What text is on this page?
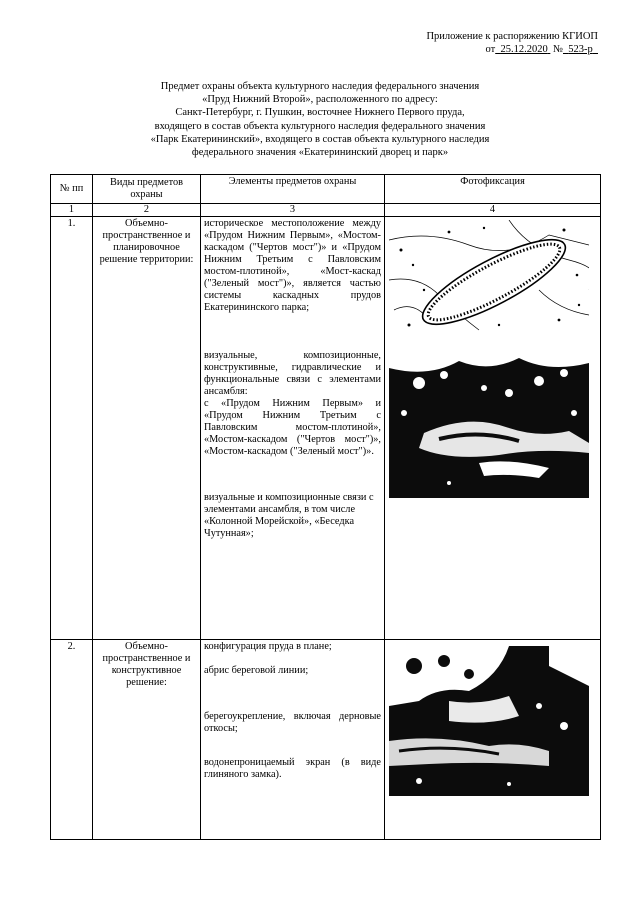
Приложение к распоряжению КГИОП
от 25.12.2020 № 523-р
Предмет охраны объекта культурного наследия федерального значения
«Пруд Нижний Второй», расположенного по адресу:
Санкт-Петербург, г. Пушкин, восточнее Нижнего Первого пруда,
входящего в состав объекта культурного наследия федерального значения
«Парк Екатерининский», входящего в состав объекта культурного наследия
федерального значения «Екатерининский дворец и парк»
№ пп	Виды предметов охраны	Элементы предметов охраны	Фотофиксация
1	2	3	4
1.	Объемно-пространственное и планировочное решение территории:	историческое местоположение между «Прудом Нижним Первым», «Мостом-каскадом ("Чертов мост")» и «Прудом Нижним Третьим с Павловским мостом-плотиной», «Мост-каскад ("Зеленый мост")», является частью системы каскадных прудов Екатерининского парка;

визуальные, композиционные, конструктивные, гидравлические и функциональные связи с элементами ансамбля:

с «Прудом Нижним Первым» и «Прудом Нижним Третьим с Павловским мостом-плотиной», «Мостом-каскадом ("Чертов мост")», «Мостом-каскадом ("Зеленый мост")».

визуальные и композиционные связи с элементами ансамбля, в том числе «Колонной Морейской», «Беседка Чутунная»;

2.	Объемно-пространственное и конструктивное решение:	конфигурация пруда в плане;

абрис береговой линии;

берегоукрепление, включая дерновые откосы;

водонепроницаемый экран (в виде глиняного замка).
